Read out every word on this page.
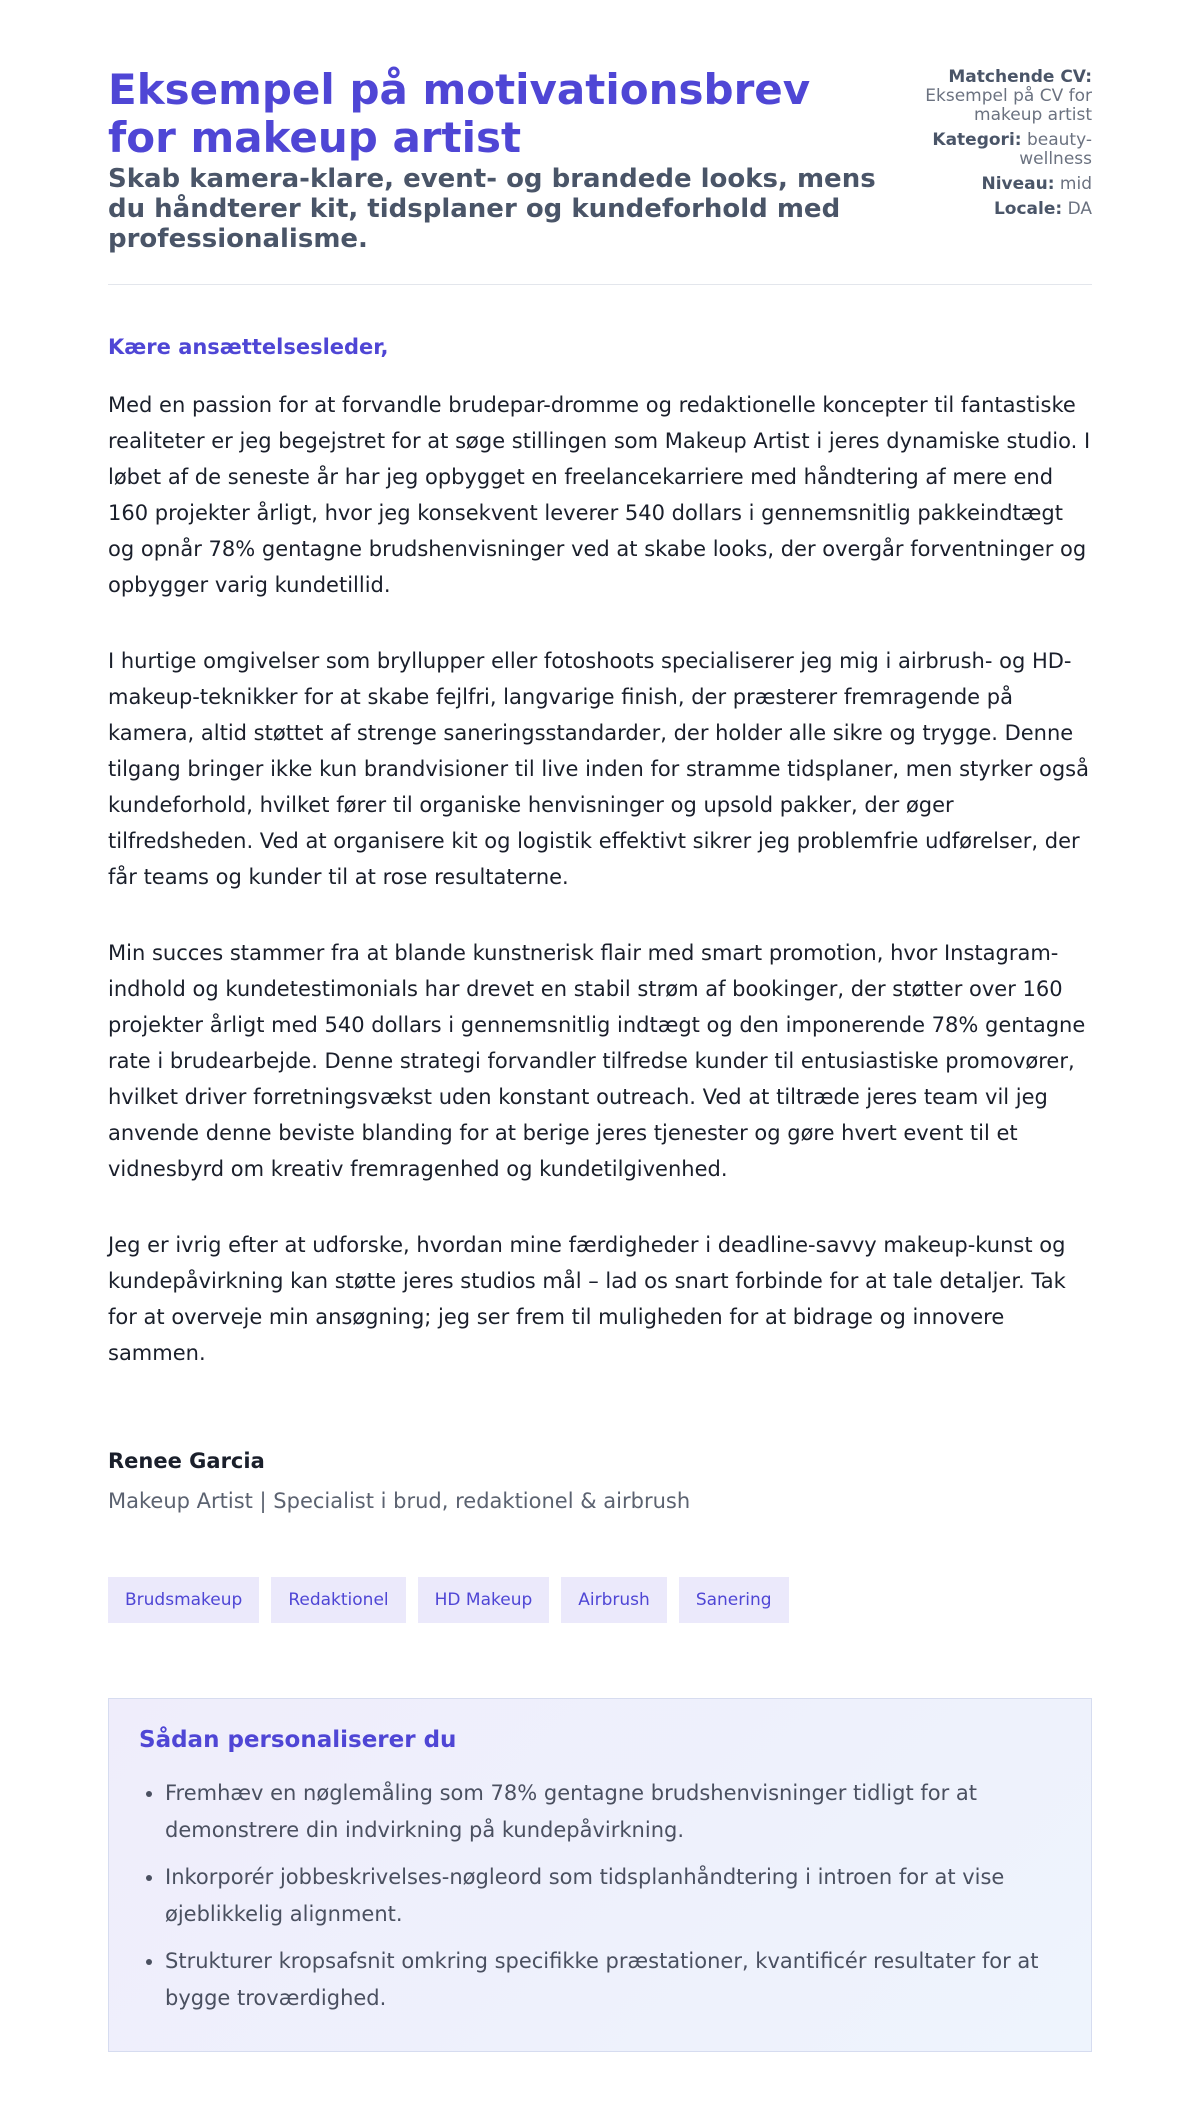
Eksempel på motivationsbrev for makeup artist
Skab kamera-klare, event- og brandede looks, mens du håndterer kit, tidsplaner og kundeforhold med professionalisme.
Matchende CV:
Eksempel på CV for makeup artist
Kategori: beauty-wellness
Niveau: mid
Locale: DA

Kære ansættelsesleder,

Med en passion for at forvandle brudepar-dromme og redaktionelle koncepter til fantastiske realiteter er jeg begejstret for at søge stillingen som Makeup Artist i jeres dynamiske studio. I løbet af de seneste år har jeg opbygget en freelancekarriere med håndtering af mere end 160 projekter årligt, hvor jeg konsekvent leverer 540 dollars i gennemsnitlig pakkeindtægt og opnår 78% gentagne brudshenvisninger ved at skabe looks, der overgår forventninger og opbygger varig kundetillid.

I hurtige omgivelser som bryllupper eller fotoshoots specialiserer jeg mig i airbrush- og HD-makeup-teknikker for at skabe fejlfri, langvarige finish, der præsterer fremragende på kamera, altid støttet af strenge saneringsstandarder, der holder alle sikre og trygge. Denne tilgang bringer ikke kun brandvisioner til live inden for stramme tidsplaner, men styrker også kundeforhold, hvilket fører til organiske henvisninger og upsold pakker, der øger tilfredsheden. Ved at organisere kit og logistik effektivt sikrer jeg problemfrie udførelser, der får teams og kunder til at rose resultaterne.

Min succes stammer fra at blande kunstnerisk flair med smart promotion, hvor Instagram-indhold og kundetestimonials har drevet en stabil strøm af bookinger, der støtter over 160 projekter årligt med 540 dollars i gennemsnitlig indtægt og den imponerende 78% gentagne rate i brudearbejde. Denne strategi forvandler tilfredse kunder til entusiastiske promovører, hvilket driver forretningsvækst uden konstant outreach. Ved at tiltræde jeres team vil jeg anvende denne beviste blanding for at berige jeres tjenester og gøre hvert event til et vidnesbyrd om kreativ fremragenhed og kundetilgivenhed.

Jeg er ivrig efter at udforske, hvordan mine færdigheder i deadline-savvy makeup-kunst og kundepåvirkning kan støtte jeres studios mål – lad os snart forbinde for at tale detaljer. Tak for at overveje min ansøgning; jeg ser frem til muligheden for at bidrage og innovere sammen.

Renee Garcia

Makeup Artist | Specialist i brud, redaktionel & airbrush

Brudsmakeup	Redaktionel	HD Makeup	Airbrush	Sanering
Sådan personaliserer du
• Fremhæv en nøglemåling som 78% gentagne brudshenvisninger tidligt for at demonstrere din indvirkning på kundepåvirkning.
• Inkorporér jobbeskrivelses-nøgleord som tidsplanhåndtering i introen for at vise øjeblikkelig alignment.
• Strukturer kropsafsnit omkring specifikke præstationer, kvantificér resultater for at bygge troværdighed.
